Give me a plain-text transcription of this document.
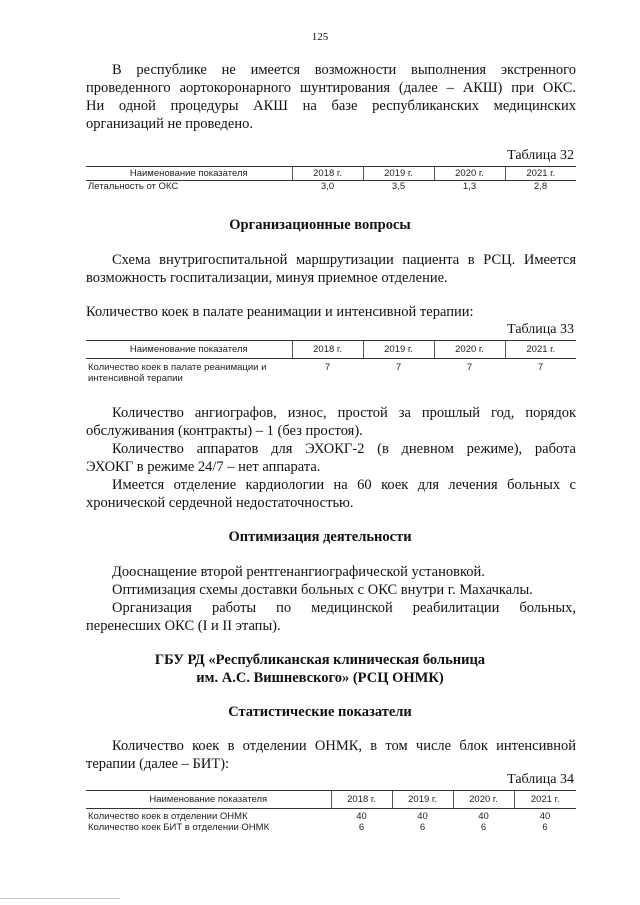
125
В республике не имеется возможности выполнения экстренного
проведенного аортокоронарного шунтирования (далее – АКШ) при ОКС.
Ни одной процедуры АКШ на базе республиканских медицинских
организаций не проведено.
Таблица 32
Наименование показателя	2018 г.	2019 г.	2020 г.	2021 г.
Летальность от ОКС	3,0	3,5	1,3	2,8
Организационные вопросы
Схема внутригоспитальной маршрутизации пациента в РСЦ. Имеется
возможность госпитализации, минуя приемное отделение.
Количество коек в палате реанимации и интенсивной терапии:
Таблица 33
Наименование показателя	2018 г.	2019 г.	2020 г.	2021 г.

Количество коек в палате реанимации и
интенсивной терапии	7	7	7	7
Количество ангиографов, износ, простой за прошлый год, порядок
обслуживания (контракты) – 1 (без простоя).
Количество аппаратов для ЭХОКГ-2 (в дневном режиме), работа
ЭХОКГ в режиме 24/7 – нет аппарата.
Имеется отделение кардиологии на 60 коек для лечения больных с
хронической сердечной недостаточностью.
Оптимизация деятельности
Дооснащение второй рентгенангиографической установкой.
Оптимизация схемы доставки больных с ОКС внутри г. Махачкалы.
Организация работы по медицинской реабилитации больных,
перенесших ОКС (I и II этапы).
ГБУ РД «Республиканская клиническая больница
им. А.С. Вишневского» (РСЦ ОНМК)
Статистические показатели
Количество коек в отделении ОНМК, в том числе блок интенсивной
терапии (далее – БИТ):
Таблица 34
Наименование показателя	2018 г.	2019 г.	2020 г.	2021 г.
Количество коек в отделении ОНМК	40	40	40	40
Количество коек БИТ в отделении ОНМК	6	6	6	6
